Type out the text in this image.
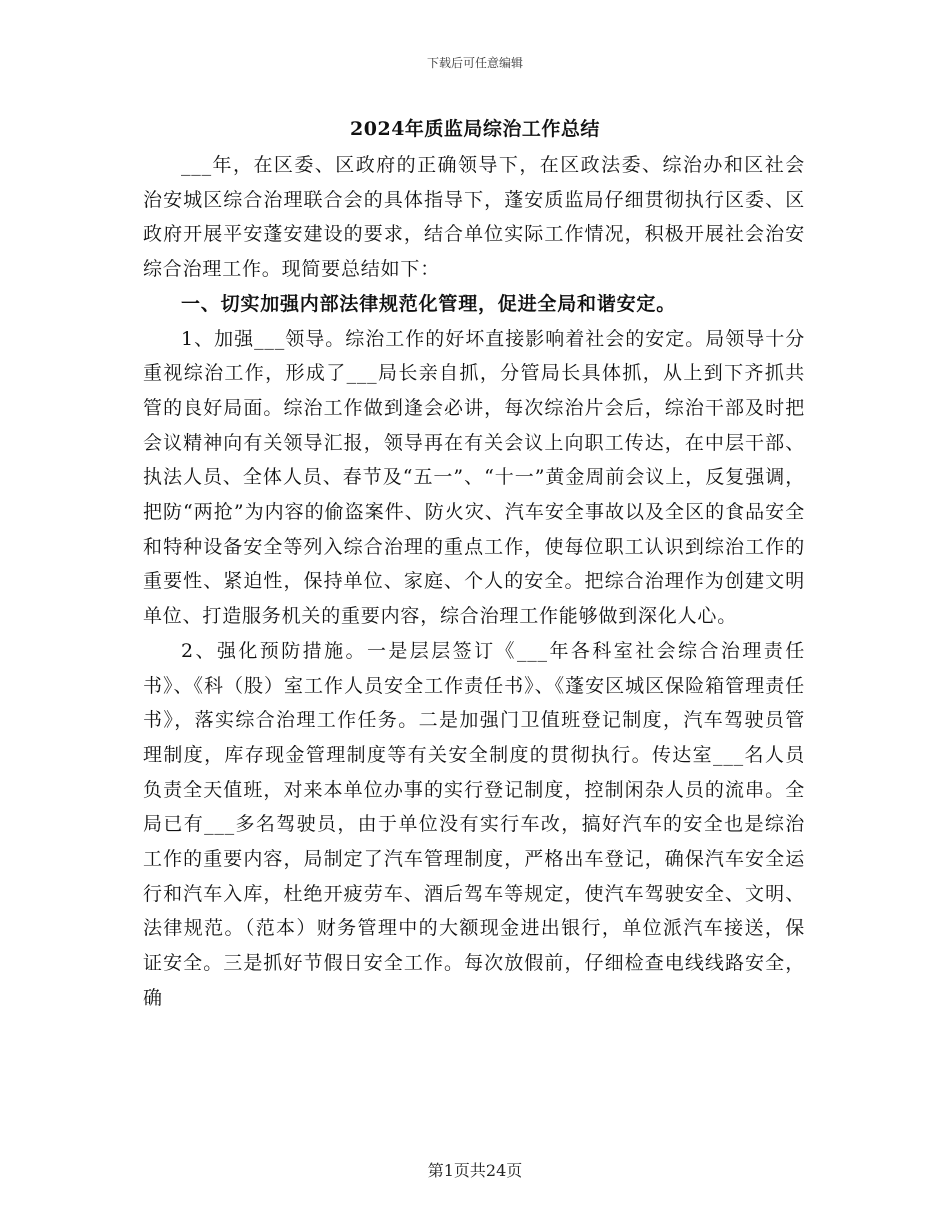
下载后可任意编辑
2024年质监局综治工作总结

___年，在区委、区政府的正确领导下，在区政法委、综治办和区社会治安城区综合治理联合会的具体指导下，蓬安质监局仔细贯彻执行区委、区政府开展平安蓬安建设的要求，结合单位实际工作情况，积极开展社会治安综合治理工作。现简要总结如下：

一、切实加强内部法律规范化管理，促进全局和谐安定。

1、加强___领导。综治工作的好坏直接影响着社会的安定。局领导十分重视综治工作，形成了___局长亲自抓，分管局长具体抓，从上到下齐抓共管的良好局面。综治工作做到逢会必讲，每次综治片会后，综治干部及时把会议精神向有关领导汇报，领导再在有关会议上向职工传达，在中层干部、执法人员、全体人员、春节及“五一”、“十一”黄金周前会议上，反复强调，把防“两抢”为内容的偷盗案件、防火灾、汽车安全事故以及全区的食品安全和特种设备安全等列入综合治理的重点工作，使每位职工认识到综治工作的重要性、紧迫性，保持单位、家庭、个人的安全。把综合治理作为创建文明单位、打造服务机关的重要内容，综合治理工作能够做到深化人心。

2、强化预防措施。一是层层签订《___年各科室社会综合治理责任书》、《科（股）室工作人员安全工作责任书》、《蓬安区城区保险箱管理责任书》，落实综合治理工作任务。二是加强门卫值班登记制度，汽车驾驶员管理制度，库存现金管理制度等有关安全制度的贯彻执行。传达室___名人员负责全天值班，对来本单位办事的实行登记制度，控制闲杂人员的流串。全局已有___多名驾驶员，由于单位没有实行车改，搞好汽车的安全也是综治工作的重要内容，局制定了汽车管理制度，严格出车登记，确保汽车安全运行和汽车入库，杜绝开疲劳车、酒后驾车等规定，使汽车驾驶安全、文明、法律规范。（范本）财务管理中的大额现金进出银行，单位派汽车接送，保证安全。三是抓好节假日安全工作。每次放假前，仔细检查电线线路安全，确

第1页共24页
